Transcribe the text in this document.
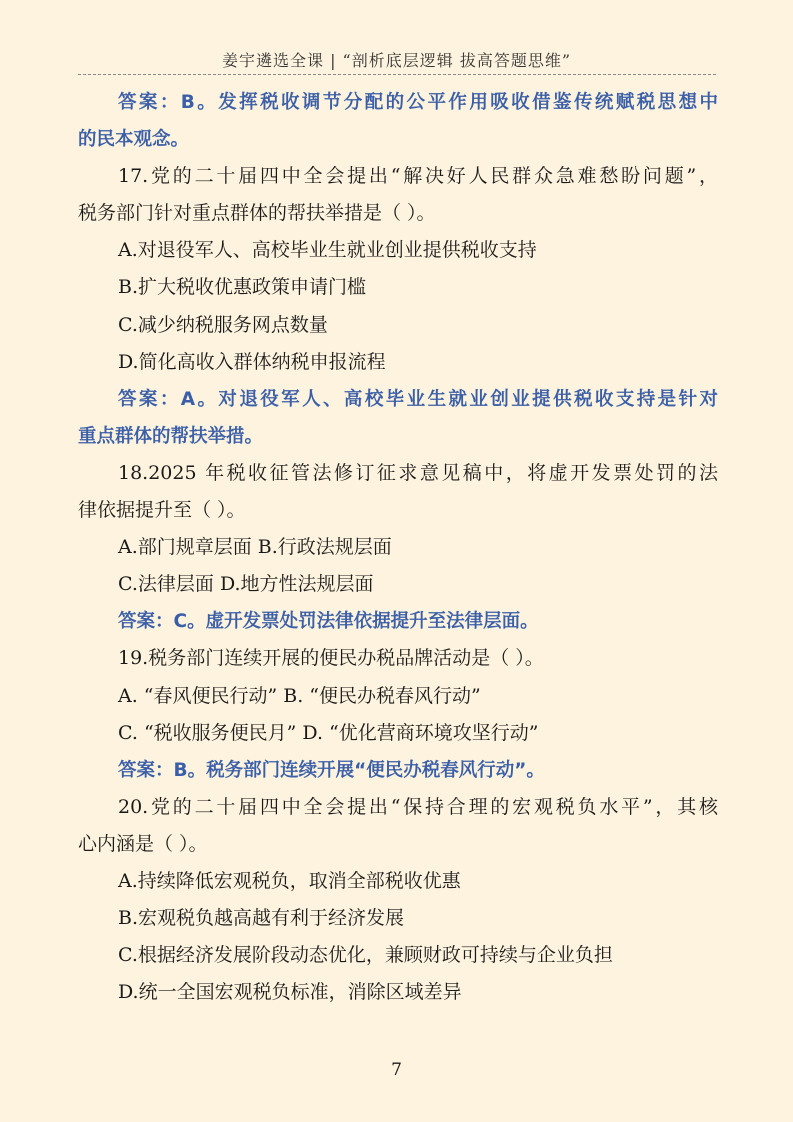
姜宇遴选全课 | “剖析底层逻辑 拔高答题思维”
答案：B。发挥税收调节分配的公平作用吸收借鉴传统赋税思想中
的民本观念。
17.党的二十届四中全会提出“解决好人民群众急难愁盼问题”，
税务部门针对重点群体的帮扶举措是（ ）。
A.对退役军人、高校毕业生就业创业提供税收支持
B.扩大税收优惠政策申请门槛
C.减少纳税服务网点数量
D.简化高收入群体纳税申报流程
答案：A。对退役军人、高校毕业生就业创业提供税收支持是针对
重点群体的帮扶举措。
18.2025 年税收征管法修订征求意见稿中，将虚开发票处罚的法
律依据提升至（ ）。
A.部门规章层面 B.行政法规层面
C.法律层面 D.地方性法规层面
答案：C。虚开发票处罚法律依据提升至法律层面。
19.税务部门连续开展的便民办税品牌活动是（ ）。
A. “春风便民行动” B. “便民办税春风行动”
C. “税收服务便民月” D. “优化营商环境攻坚行动”
答案：B。税务部门连续开展“便民办税春风行动”。
20.党的二十届四中全会提出“保持合理的宏观税负水平”，其核
心内涵是（ ）。
A.持续降低宏观税负，取消全部税收优惠
B.宏观税负越高越有利于经济发展
C.根据经济发展阶段动态优化，兼顾财政可持续与企业负担
D.统一全国宏观税负标准，消除区域差异
7
